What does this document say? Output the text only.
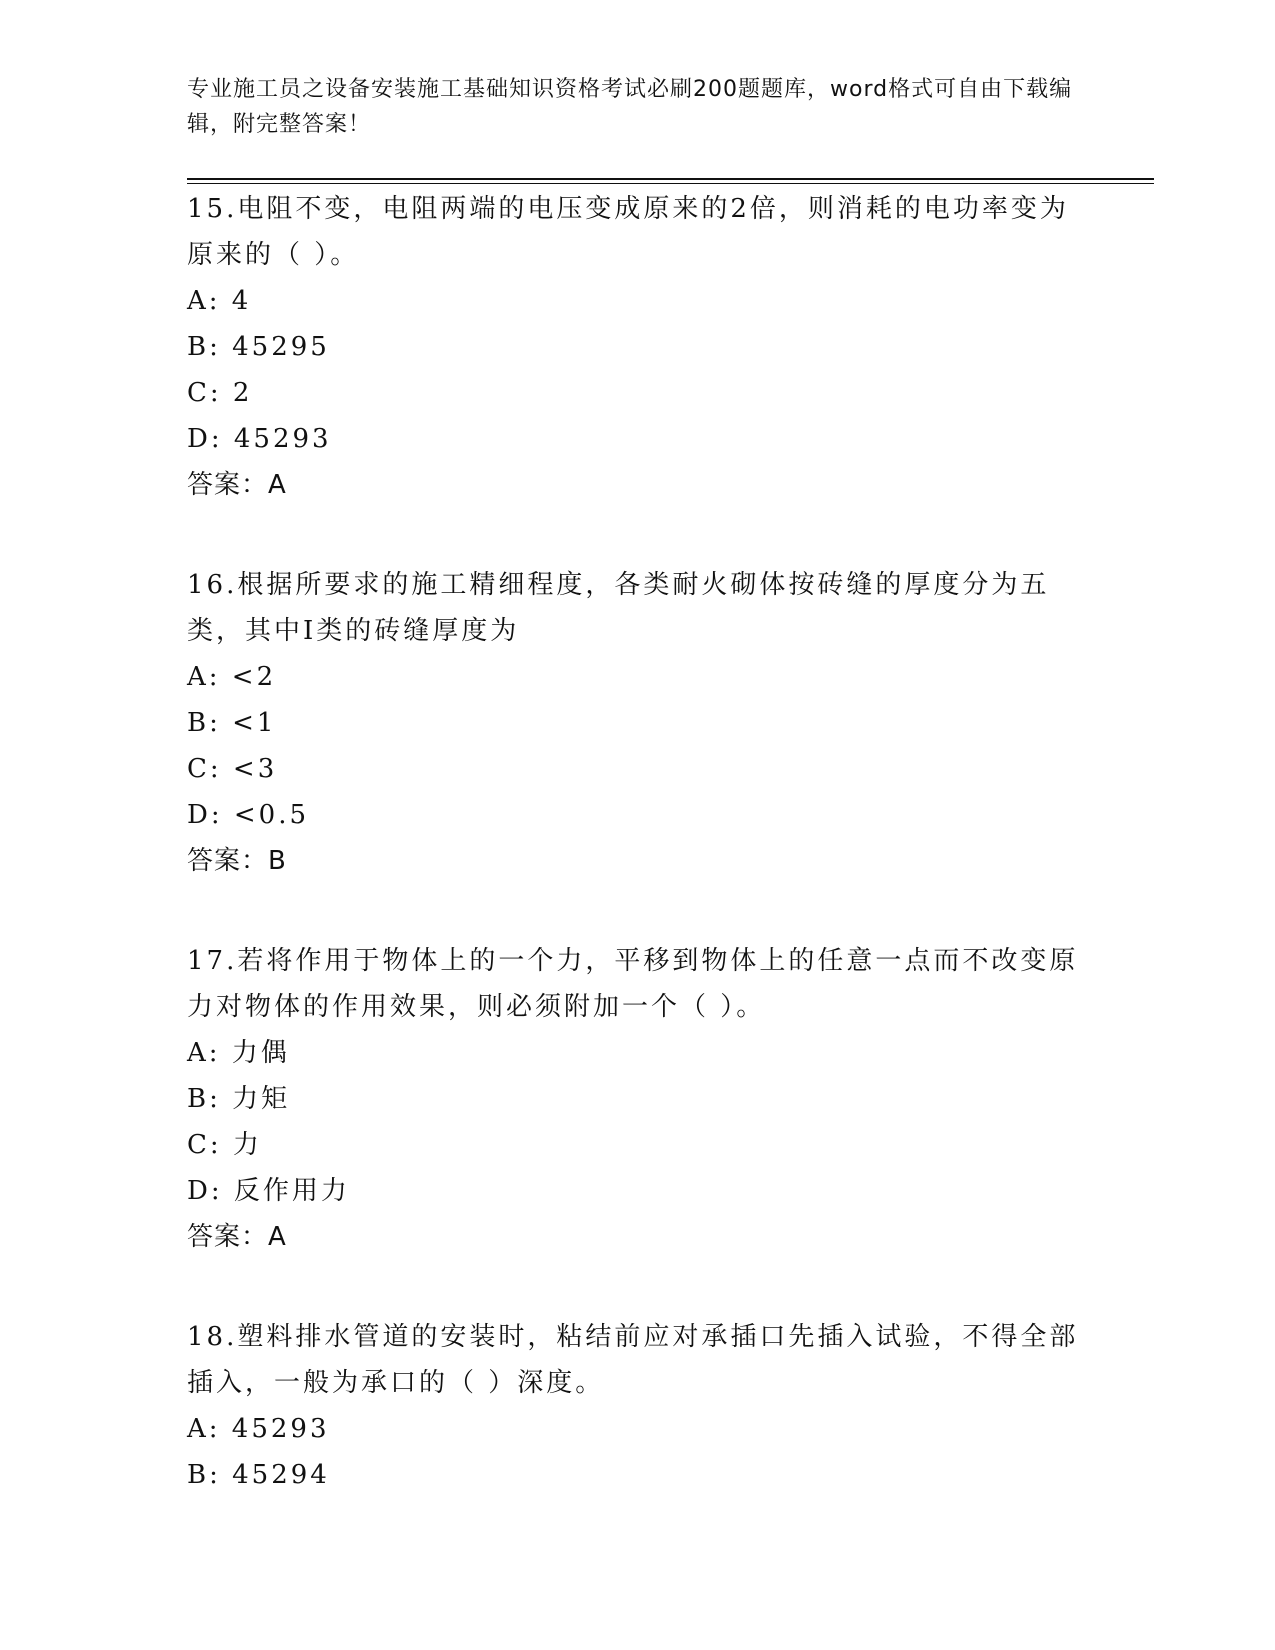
专业施工员之设备安装施工基础知识资格考试必刷200题题库，word格式可自由下载编辑，附完整答案！

15.电阻不变，电阻两端的电压变成原来的2倍，则消耗的电功率变为原来的（ ）。

A: 4
B: 45295
C: 2
D: 45293
答案：A

16.根据所要求的施工精细程度，各类耐火砌体按砖缝的厚度分为五类，其中Ⅰ类的砖缝厚度为

A: <2
B: <1
C: <3
D: <0.5
答案：B

17.若将作用于物体上的一个力，平移到物体上的任意一点而不改变原力对物体的作用效果，则必须附加一个（ ）。

A: 力偶
B: 力矩
C: 力
D: 反作用力
答案：A

18.塑料排水管道的安装时，粘结前应对承插口先插入试验，不得全部插入，一般为承口的（ ）深度。

A: 45293
B: 45294
